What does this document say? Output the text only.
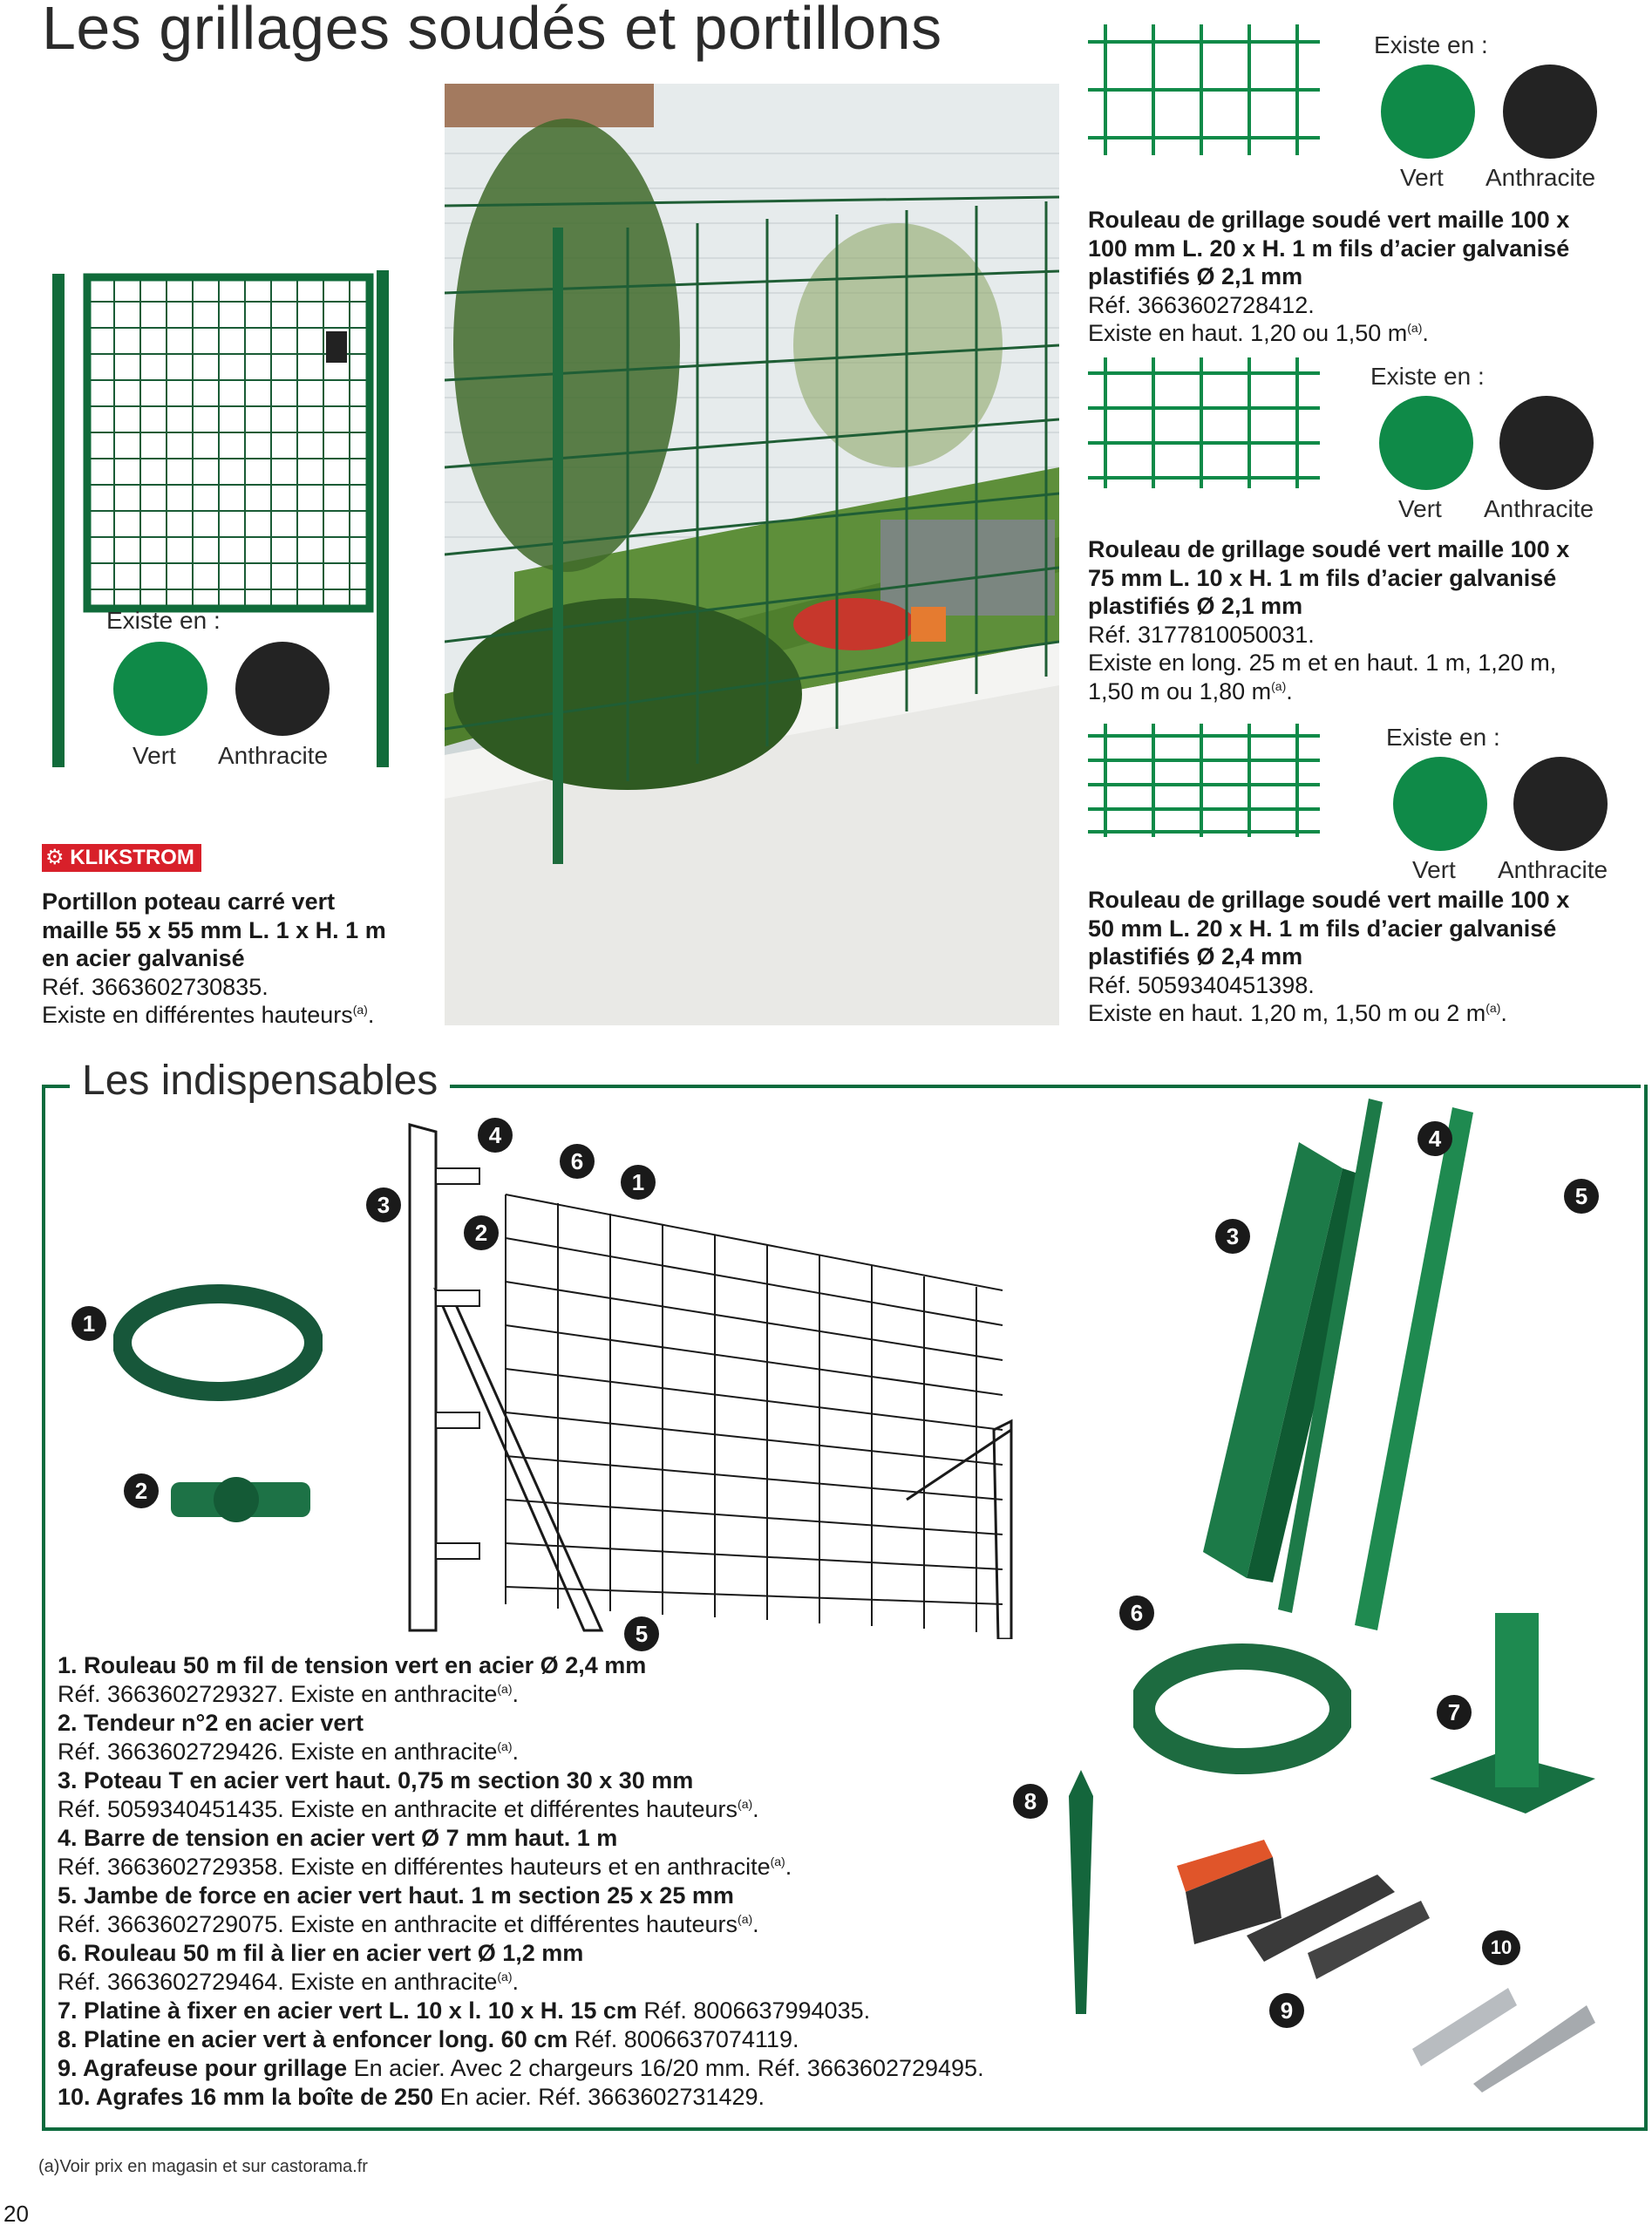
Les grillages soudés et portillons
Existe en :
Vert Anthracite
⚙ KLIKSTROM
Portillon poteau carré vert
maille 55 x 55 mm L. 1 x H. 1 m
en acier galvanisé
Réf. 3663602730835.
Existe en différentes hauteurs$^{(a)}$.
Existe en :
Vert Anthracite
Rouleau de grillage soudé vert maille 100 x
100 mm L. 20 x H. 1 m fils d’acier galvanisé
plastifiés Ø 2,1 mm
Réf. 3663602728412.
Existe en haut. 1,20 ou 1,50 $m^{(a)}$.
Existe en :
Vert Anthracite
Rouleau de grillage soudé vert maille 100 x
75 mm L. 10 x H. 1 m fils d’acier galvanisé
plastifiés Ø 2,1 mm
Réf. 3177810050031.
Existe en long. 25 m et en haut. 1 m, 1,20 m,
1,50 m ou 1,80 $m^{(a)}$.
Existe en :
Vert Anthracite
Rouleau de grillage soudé vert maille 100 x
50 mm L. 20 x H. 1 m fils d’acier galvanisé
plastifiés Ø 2,4 mm
Réf. 5059340451398.
Existe en haut. 1,20 m, 1,50 m ou 2 $m^{(a)}$.
Les indispensables
1
2
3
4
6
1
2
5
3
4
5
6
7
8
9
10
1. Rouleau 50 m fil de tension vert en acier Ø 2,4 mm
Réf. 3663602729327. Existe en anthracite$^{(a)}$.
2. Tendeur n°2 en acier vert
Réf. 3663602729426. Existe en anthracite$^{(a)}$.
3. Poteau T en acier vert haut. 0,75 m section 30 x 30 mm
Réf. 5059340451435. Existe en anthracite et différentes hauteurs$^{(a)}$.
4. Barre de tension en acier vert Ø 7 mm haut. 1 m
Réf. 3663602729358. Existe en différentes hauteurs et en anthracite$^{(a)}$.
5. Jambe de force en acier vert haut. 1 m section 25 x 25 mm
Réf. 3663602729075. Existe en anthracite et différentes hauteurs$^{(a)}$.
6. Rouleau 50 m fil à lier en acier vert Ø 1,2 mm
Réf. 3663602729464. Existe en anthracite$^{(a)}$.
7. Platine à fixer en acier vert L. 10 x l. 10 x H. 15 cm Réf. 8006637994035.
8. Platine en acier vert à enfoncer long. 60 cm Réf. 8006637074119.
9. Agrafeuse pour grillage En acier. Avec 2 chargeurs 16/20 mm. Réf. 3663602729495.
10. Agrafes 16 mm la boîte de 250 En acier. Réf. 3663602731429.
(a)Voir prix en magasin et sur castorama.fr
20
